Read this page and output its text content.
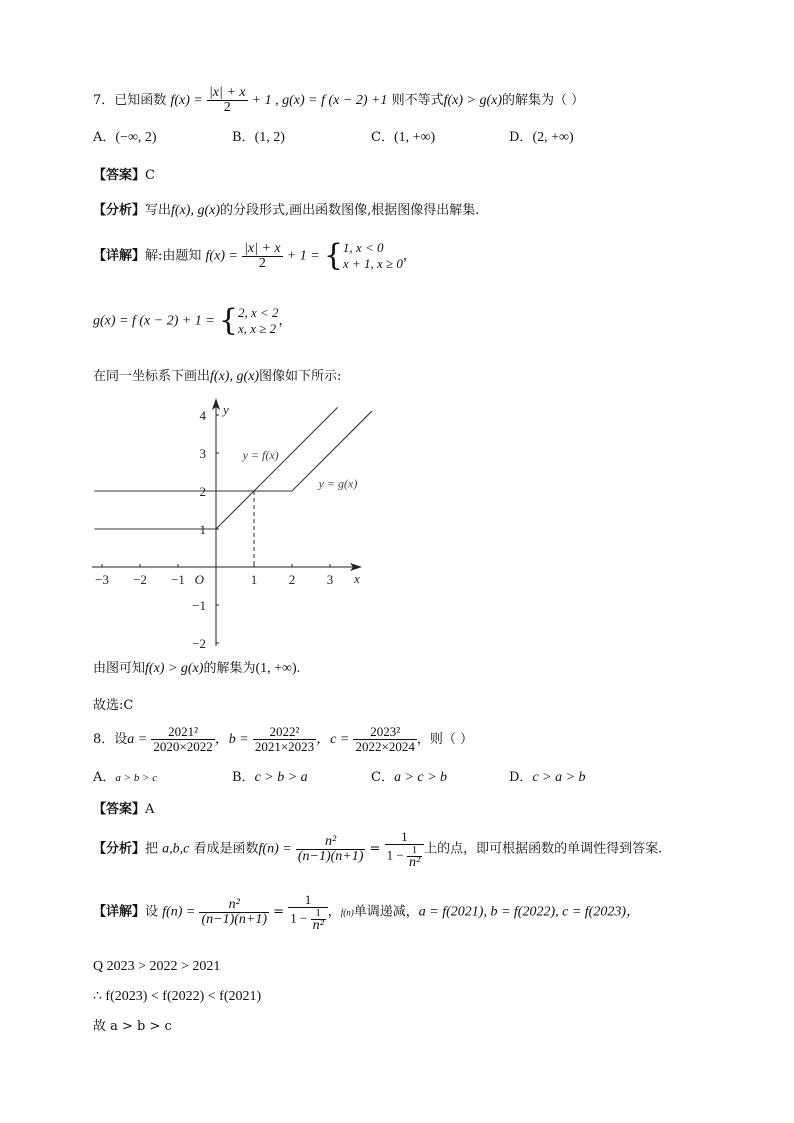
7．已知函数 $f(x) = \frac{|x| + x}{2} + 1$ , g(x) = f (x − 2) +1 则不等式f(x) > g(x)的解集为（ ）
A．(−∞, 2)	B．(1, 2)	C．(1, +∞)	D．(2, +∞)
【答案】C
【分析】写出f(x), g(x)的分段形式,画出函数图像,根据图像得出解集.
【详解】解:由题知 $f(x) = \frac{|x| + x}{2} + 1$ = { 1, x < 0
x + 1, x ≥ 0 ，
g(x) = f (x − 2) + 1 = { 2, x < 2
x, x ≥ 2 ，
在同一坐标系下画出f(x), g(x)图像如下所示:
−3 −2 −1	1 2 3
4
3
2
1
−1
−2
O	x
y
y = f(x)
y = g(x)
由图可知f(x) > g(x)的解集为(1, +∞).
故选:C
8．设$a = \frac{\text{2021²}}{2020\times 2022}$ ，$b = \frac{\text{2022²}}{2021\times 2023}$ ，$c = \frac{\text{2023²}}{2022\times 2024}$ ，则（ ）
A．a > b > c	B．c > b > a	C．a > c > b	D．c > a > b
【答案】A
【分析】把 a,b,c 看成是函数$f(n) = \frac{\text{n²}}{(n-1)(n+1)} = \frac{1}{1 - \frac{1}{\text{n²}}}$ 上的点，即可根据函数的单调性得到答案.
【详解】设 $f(n) = \frac{\text{n²}}{(n-1)(n+1)} = \frac{1}{1 - \frac{1}{\text{n²}}}$ ，f(n)单调递减，a = f(2021), b = f(2022), c = f(2023)，
Q 2023 > 2022 > 2021
∴ f(2023) < f(2022) < f(2021)
故 a > b > c
